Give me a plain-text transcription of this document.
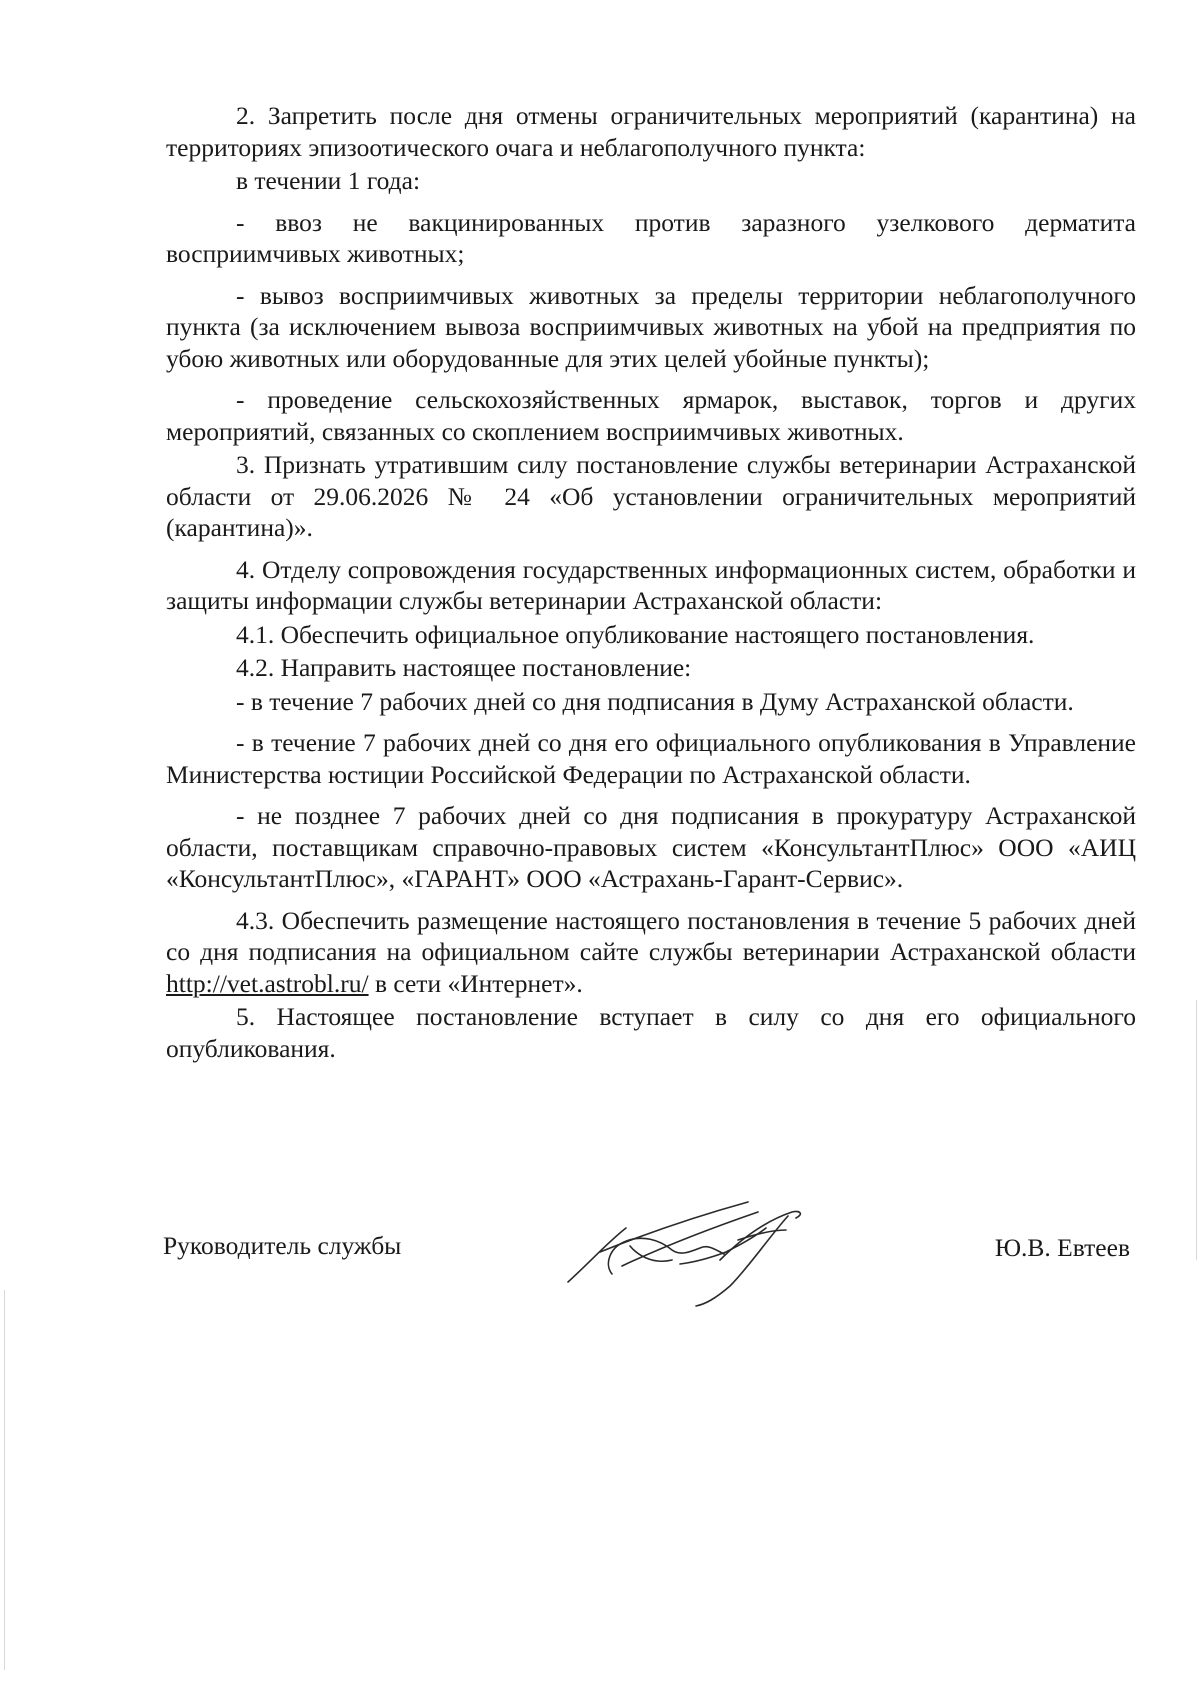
2. Запретить после дня отмены ограничительных мероприятий (карантина) на территориях эпизоотического очага и неблагополучного пункта:

в течении 1 года:

- ввоз не вакцинированных против заразного узелкового дерматита восприимчивых животных;

- вывоз восприимчивых животных за пределы территории неблагополучного пункта (за исключением вывоза восприимчивых животных на убой на предприятия по убою животных или оборудованные для этих целей убойные пункты);

- проведение сельскохозяйственных ярмарок, выставок, торгов и других мероприятий, связанных со скоплением восприимчивых животных.

3. Признать утратившим силу постановление службы ветеринарии Астраханской области от 29.06.2026 № 24 «Об установлении ограничительных мероприятий (карантина)».

4. Отделу сопровождения государственных информационных систем, обработки и защиты информации службы ветеринарии Астраханской области:

4.1. Обеспечить официальное опубликование настоящего постановления.

4.2. Направить настоящее постановление:

- в течение 7 рабочих дней со дня подписания в Думу Астраханской области.

- в течение 7 рабочих дней со дня его официального опубликования в Управление Министерства юстиции Российской Федерации по Астраханской области.

- не позднее 7 рабочих дней со дня подписания в прокуратуру Астраханской области, поставщикам справочно-правовых систем «КонсультантПлюс» ООО «АИЦ «КонсультантПлюс», «ГАРАНТ» ООО «Астрахань-Гарант-Сервис».

4.3. Обеспечить размещение настоящего постановления в течение 5 рабочих дней со дня подписания на официальном сайте службы ветеринарии Астраханской области http://vet.astrobl.ru/ в сети «Интернет».

5. Настоящее постановление вступает в силу со дня его официального опубликования.

Руководитель службы	Ю.В. Евтеев
